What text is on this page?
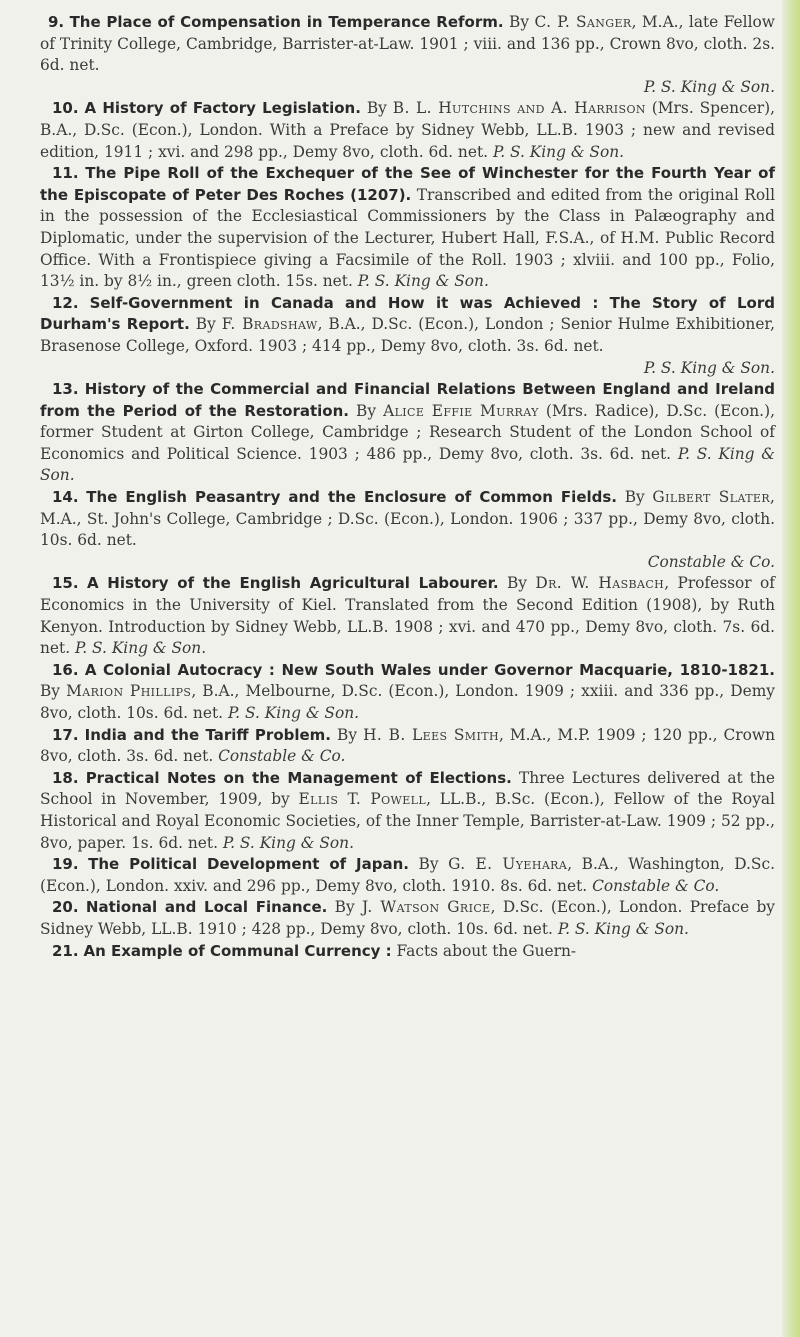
9. The Place of Compensation in Temperance Reform. By C. P. Sanger, M.A., late Fellow of Trinity College, Cambridge, Barrister-at-Law. 1901 ; viii. and 136 pp., Crown 8vo, cloth. 2s. 6d. net.
P. S. King & Son.

10. A History of Factory Legislation. By B. L. Hutchins and A. Harrison (Mrs. Spencer), B.A., D.Sc. (Econ.), London. With a Preface by Sidney Webb, LL.B. 1903 ; new and revised edition, 1911 ; xvi. and 298 pp., Demy 8vo, cloth. 6d. net. P. S. King & Son.

11. The Pipe Roll of the Exchequer of the See of Winchester for the Fourth Year of the Episcopate of Peter Des Roches (1207). Transcribed and edited from the original Roll in the possession of the Ecclesiastical Commissioners by the Class in Palæography and Diplomatic, under the supervision of the Lecturer, Hubert Hall, F.S.A., of H.M. Public Record Office. With a Frontispiece giving a Facsimile of the Roll. 1903 ; xlviii. and 100 pp., Folio, 13½ in. by 8½ in., green cloth. 15s. net. P. S. King & Son.

12. Self-Government in Canada and How it was Achieved : The Story of Lord Durham's Report. By F. Bradshaw, B.A., D.Sc. (Econ.), London ; Senior Hulme Exhibitioner, Brasenose College, Oxford. 1903 ; 414 pp., Demy 8vo, cloth. 3s. 6d. net.
P. S. King & Son.

13. History of the Commercial and Financial Relations Between England and Ireland from the Period of the Restoration. By Alice Effie Murray (Mrs. Radice), D.Sc. (Econ.), former Student at Girton College, Cambridge ; Research Student of the London School of Economics and Political Science. 1903 ; 486 pp., Demy 8vo, cloth. 3s. 6d. net. P. S. King & Son.

14. The English Peasantry and the Enclosure of Common Fields. By Gilbert Slater, M.A., St. John's College, Cambridge ; D.Sc. (Econ.), London. 1906 ; 337 pp., Demy 8vo, cloth. 10s. 6d. net.
Constable & Co.

15. A History of the English Agricultural Labourer. By Dr. W. Hasbach, Professor of Economics in the University of Kiel. Translated from the Second Edition (1908), by Ruth Kenyon. Introduction by Sidney Webb, LL.B. 1908 ; xvi. and 470 pp., Demy 8vo, cloth. 7s. 6d. net. P. S. King & Son.

16. A Colonial Autocracy : New South Wales under Governor Macquarie, 1810-1821. By Marion Phillips, B.A., Melbourne, D.Sc. (Econ.), London. 1909 ; xxiii. and 336 pp., Demy 8vo, cloth. 10s. 6d. net. P. S. King & Son.

17. India and the Tariff Problem. By H. B. Lees Smith, M.A., M.P. 1909 ; 120 pp., Crown 8vo, cloth. 3s. 6d. net. Constable & Co.

18. Practical Notes on the Management of Elections. Three Lectures delivered at the School in November, 1909, by Ellis T. Powell, LL.B., B.Sc. (Econ.), Fellow of the Royal Historical and Royal Economic Societies, of the Inner Temple, Barrister-at-Law. 1909 ; 52 pp., 8vo, paper. 1s. 6d. net. P. S. King & Son.

19. The Political Development of Japan. By G. E. Uyehara, B.A., Washington, D.Sc. (Econ.), London. xxiv. and 296 pp., Demy 8vo, cloth. 1910. 8s. 6d. net. Constable & Co.

20. National and Local Finance. By J. Watson Grice, D.Sc. (Econ.), London. Preface by Sidney Webb, LL.B. 1910 ; 428 pp., Demy 8vo, cloth. 10s. 6d. net. P. S. King & Son.

21. An Example of Communal Currency : Facts about the Guern-
